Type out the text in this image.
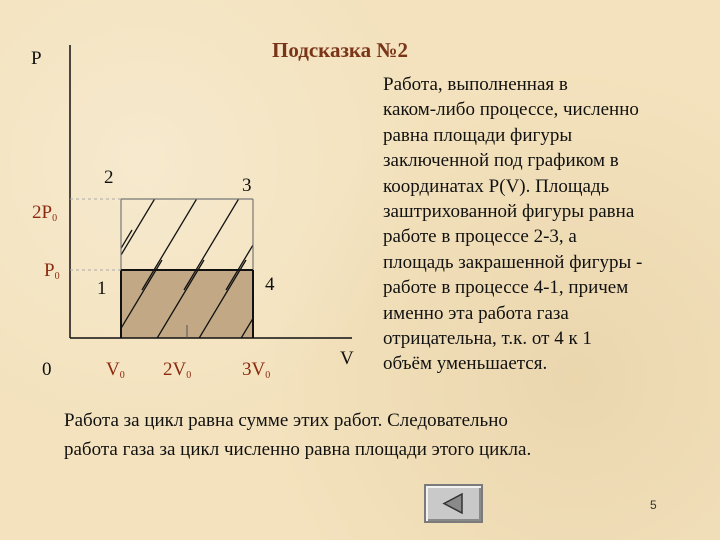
Подсказка №2
P
V
0
2P0
P0
V0 2V0	3V0
1
2	3
4
Работа, выполненная в
каком-либо процессе, численно
равна площади фигуры
заключенной под графиком в
координатах P(V). Площадь
заштрихованной фигуры равна
работе в процессе 2-3, а
площадь закрашенной фигуры -
работе в процессе 4-1, причем
именно эта работа газа
отрицательна, т.к. от 4 к 1
объём уменьшается.
Работа за цикл равна сумме этих работ. Следовательно
работа газа за цикл численно равна площади этого цикла.
5
